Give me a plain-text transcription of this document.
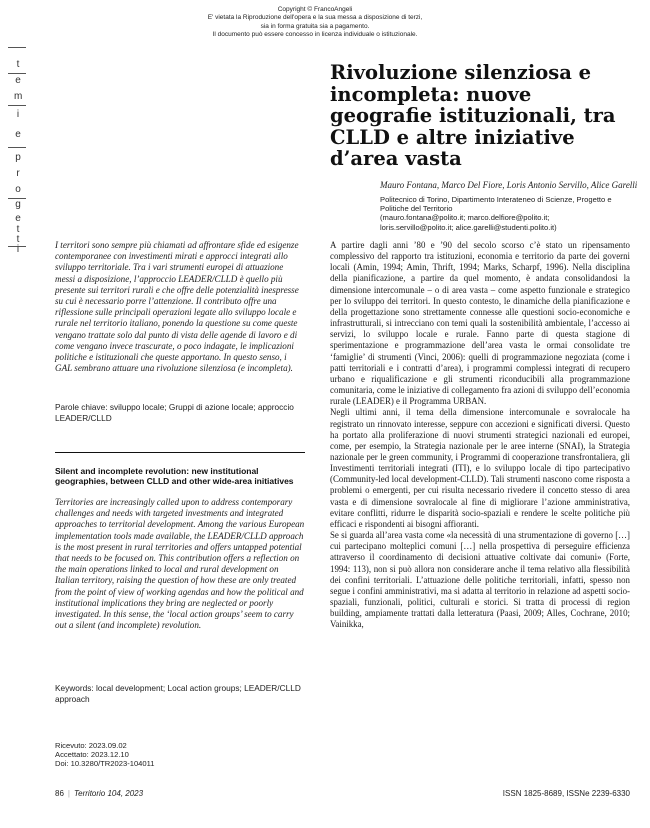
Copyright © FrancoAngeli
E' vietata la Riproduzione dell'opera e la sua messa a disposizione di terzi,
sia in forma gratuita sia a pagamento.
Il documento può essere concesso in licenza individuale o istituzionale.
t
e
m
i
e
p
r
o
g
e
t
t
i
Rivoluzione silenziosa e incompleta: nuove geografie istituzionali, tra CLLD e altre iniziative d’area vasta
Mauro Fontana, Marco Del Fiore, Loris Antonio Servillo, Alice Garelli
Politecnico di Torino, Dipartimento Interateneo di Scienze, Progetto e
Politiche del Territorio
(mauro.fontana@polito.it; marco.delfiore@polito.it;
loris.servillo@polito.it; alice.garelli@studenti.polito.it)
I territori sono sempre più chiamati ad affrontare sfide ed esigenze contemporanee con investimenti mirati e approcci integrati allo sviluppo territoriale. Tra i vari strumenti europei di attuazione messi a disposizione, l’approccio LEADER/CLLD è quello più presente sui territori rurali e che offre delle potenzialità inespresse su cui è necessario porre l’attenzione. Il contributo offre una riflessione sulle principali operazioni legate allo sviluppo locale e rurale nel territorio italiano, ponendo la questione su come queste vengano trattate solo dal punto di vista delle agende di lavoro e di come vengano invece trascurate, o poco indagate, le implicazioni politiche e istituzionali che queste apportano. In questo senso, i GAL sembrano attuare una rivoluzione silenziosa (e incompleta).
Parole chiave: sviluppo locale; Gruppi di azione locale; approccio LEADER/CLLD
Silent and incomplete revolution: new institutional geographies, between CLLD and other wide-area initiatives
Territories are increasingly called upon to address contemporary challenges and needs with targeted investments and integrated approaches to territorial development. Among the various European implementation tools made available, the LEADER/CLLD approach is the most present in rural territories and offers untapped potential that needs to be focused on. This contribution offers a reflection on the main operations linked to local and rural development on Italian territory, raising the question of how these are only treated from the point of view of working agendas and how the political and institutional implications they bring are neglected or poorly investigated. In this sense, the ‘local action groups’ seem to carry out a silent (and incomplete) revolution.
Keywords: local development; Local action groups; LEADER/CLLD approach
Ricevuto: 2023.09.02
Accettato: 2023.12.10
Doi: 10.3280/TR2023-104011

A partire dagli anni ’80 e ’90 del secolo scorso c’è stato un ripensamento complessivo del rapporto tra istituzioni, economia e territorio da parte dei governi locali (Amin, 1994; Amin, Thrift, 1994; Marks, Scharpf, 1996). Nella disciplina della pianificazione, a partire da quel momento, è andata consolidandosi la dimensione intercomunale – o di area vasta – come aspetto funzionale e strategico per lo sviluppo dei territori. In questo contesto, le dinamiche della pianificazione e della progettazione sono strettamente connesse alle questioni socio-economiche e infrastrutturali, si intrecciano con temi quali la sostenibilità ambientale, l’accesso ai servizi, lo sviluppo locale e rurale. Fanno parte di questa stagione di sperimentazione e programmazione dell’area vasta le ormai consolidate tre ‘famiglie’ di strumenti (Vinci, 2006): quelli di programmazione negoziata (come i patti territoriali e i contratti d’area), i programmi complessi integrati di recupero urbano e riqualificazione e gli strumenti riconducibili alla programmazione comunitaria, come le iniziative di collegamento fra azioni di sviluppo dell’economia rurale (LEADER) e il Programma URBAN.

Negli ultimi anni, il tema della dimensione intercomunale e sovralocale ha registrato un rinnovato interesse, seppure con accezioni e significati diversi. Questo ha portato alla proliferazione di nuovi strumenti strategici nazionali ed europei, come, per esempio, la Strategia nazionale per le aree interne (SNAI), la Strategia nazionale per le green community, i Programmi di cooperazione transfrontaliera, gli Investimenti territoriali integrati (ITI), e lo sviluppo locale di tipo partecipativo (Community-led local development-CLLD). Tali strumenti nascono come risposta a problemi o emergenti, per cui risulta necessario rivedere il concetto stesso di area vasta e di dimensione sovralocale al fine di migliorare l’azione amministrativa, evitare conflitti, ridurre le disparità socio-spaziali e rendere le scelte politiche più efficaci e rispondenti ai bisogni affioranti.

Se si guarda all’area vasta come «la necessità di una strumentazione di governo […] cui partecipano molteplici comuni […] nella prospettiva di perseguire efficienza attraverso il coordinamento di decisioni attuative coltivate dai comuni» (Forte, 1994: 113), non si può allora non considerare anche il tema relativo alla flessibilità dei confini territoriali. L’attuazione delle politiche territoriali, infatti, spesso non segue i confini amministrativi, ma si adatta al territorio in relazione ad aspetti socio-spaziali, funzionali, politici, culturali e storici. Si tratta di processi di region building, ampiamente trattati dalla letteratura (Paasi, 2009; Alles, Cochrane, 2010; Vainikka,

86 | Territorio 104, 2023	ISSN 1825-8689, ISSNe 2239-6330
